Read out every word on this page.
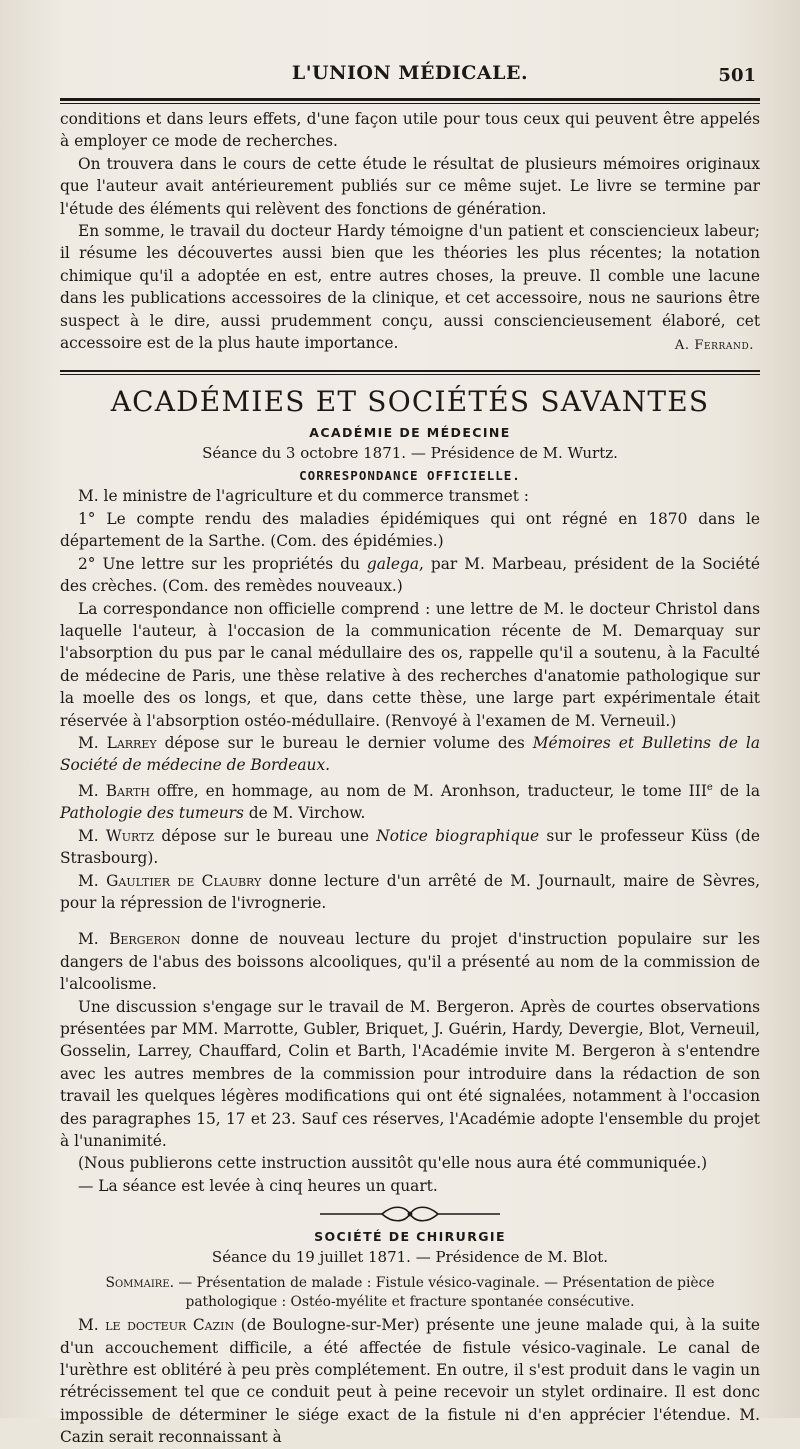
L'UNION MÉDICALE.	501

conditions et dans leurs effets, d'une façon utile pour tous ceux qui peuvent être appelés à employer ce mode de recherches.

On trouvera dans le cours de cette étude le résultat de plusieurs mémoires originaux que l'auteur avait antérieurement publiés sur ce même sujet. Le livre se termine par l'étude des éléments qui relèvent des fonctions de génération.

En somme, le travail du docteur Hardy témoigne d'un patient et consciencieux labeur; il résume les découvertes aussi bien que les théories les plus récentes; la notation chimique qu'il a adoptée en est, entre autres choses, la preuve. Il comble une lacune dans les publications accessoires de la clinique, et cet accessoire, nous ne saurions être suspect à le dire, aussi prudemment conçu, aussi consciencieusement élaboré, cet accessoire est de la plus haute importance.	A. Ferrand.
ACADÉMIES ET SOCIÉTÉS SAVANTES
ACADÉMIE DE MÉDECINE
Séance du 3 octobre 1871. — Présidence de M. Wurtz.
CORRESPONDANCE OFFICIELLE.

M. le ministre de l'agriculture et du commerce transmet :

1° Le compte rendu des maladies épidémiques qui ont régné en 1870 dans le département de la Sarthe. (Com. des épidémies.)

2° Une lettre sur les propriétés du galega, par M. Marbeau, président de la Société des crèches. (Com. des remèdes nouveaux.)

La correspondance non officielle comprend : une lettre de M. le docteur Christol dans laquelle l'auteur, à l'occasion de la communication récente de M. Demarquay sur l'absorption du pus par le canal médullaire des os, rappelle qu'il a soutenu, à la Faculté de médecine de Paris, une thèse relative à des recherches d'anatomie pathologique sur la moelle des os longs, et que, dans cette thèse, une large part expérimentale était réservée à l'absorption ostéo-médullaire. (Renvoyé à l'examen de M. Verneuil.)

M. Larrey dépose sur le bureau le dernier volume des Mémoires et Bulletins de la Société de médecine de Bordeaux.

M. Barth offre, en hommage, au nom de M. Aronhson, traducteur, le tome IIIe de la Pathologie des tumeurs de M. Virchow.

M. Wurtz dépose sur le bureau une Notice biographique sur le professeur Küss (de Strasbourg).

M. Gaultier de Claubry donne lecture d'un arrêté de M. Journault, maire de Sèvres, pour la répression de l'ivrognerie.

M. Bergeron donne de nouveau lecture du projet d'instruction populaire sur les dangers de l'abus des boissons alcooliques, qu'il a présenté au nom de la commission de l'alcoolisme.

Une discussion s'engage sur le travail de M. Bergeron. Après de courtes observations présentées par MM. Marrotte, Gubler, Briquet, J. Guérin, Hardy, Devergie, Blot, Verneuil, Gosselin, Larrey, Chauffard, Colin et Barth, l'Académie invite M. Bergeron à s'entendre avec les autres membres de la commission pour introduire dans la rédaction de son travail les quelques légères modifications qui ont été signalées, notamment à l'occasion des paragraphes 15, 17 et 23. Sauf ces réserves, l'Académie adopte l'ensemble du projet à l'unanimité.

(Nous publierons cette instruction aussitôt qu'elle nous aura été communiquée.)

— La séance est levée à cinq heures un quart.

SOCIÉTÉ DE CHIRURGIE
Séance du 19 juillet 1871. — Présidence de M. Blot.
Sommaire. — Présentation de malade : Fistule vésico-vaginale. — Présentation de pièce pathologique : Ostéo-myélite et fracture spontanée consécutive.

M. le docteur Cazin (de Boulogne-sur-Mer) présente une jeune malade qui, à la suite d'un accouchement difficile, a été affectée de fistule vésico-vaginale. Le canal de l'urèthre est oblitéré à peu près complétement. En outre, il s'est produit dans le vagin un rétrécissement tel que ce conduit peut à peine recevoir un stylet ordinaire. Il est donc impossible de déterminer le siége exact de la fistule ni d'en apprécier l'étendue. M. Cazin serait reconnaissant à
